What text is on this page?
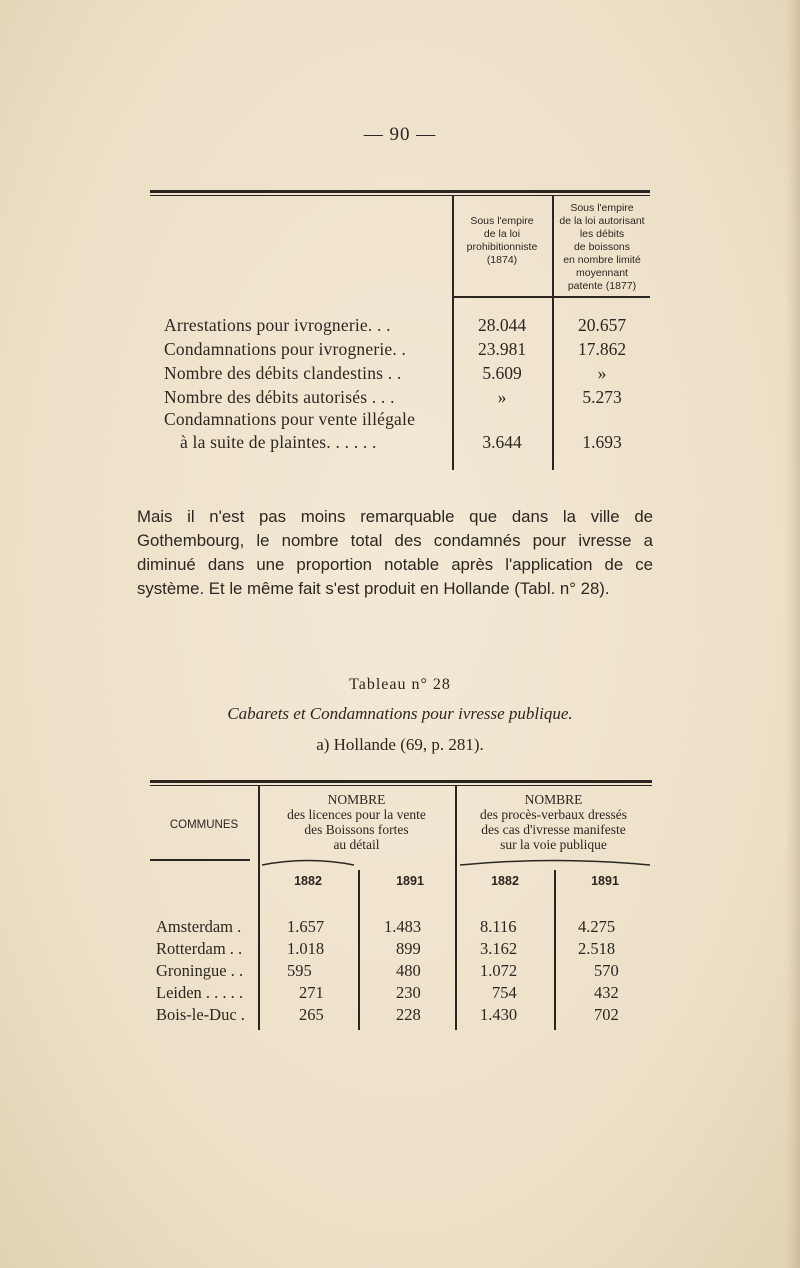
— 90 —
Sous l'empire
de la loi
prohibitionniste
(1874)
Sous l'empire
de la loi autorisant
les débits
de boissons
en nombre limité
moyennant
patente (1877)
Arrestations pour ivrognerie. . .	28.044	20.657
Condamnations pour ivrognerie. .	23.981	17.862
Nombre des débits clandestins . .	5.609	»
Nombre des débits autorisés . . .	»	5.273
Condamnations pour vente illégale
à la suite de plaintes. . . . . .	3.644	1.693
Mais il n'est pas moins remarquable que dans la ville de Gothembourg, le nombre total des condamnés pour ivresse a diminué dans une proportion notable après l'application de ce système. Et le même fait s'est produit en Hollande (Tabl. n° 28).
Tableau n° 28
Cabarets et Condamnations pour ivresse publique.
a) Hollande (69, p. 281).
COMMUNES
NOMBRE
des licences pour la vente
des Boissons fortes
au détail
NOMBRE
des procès-verbaux dressés
des cas d'ivresse manifeste
sur la voie publique
1882	1891	1882	1891
Amsterdam .	1.657	1.483	8.116	4.275
Rotterdam . .	1.018	899	3.162	2.518
Groningue . .	595	480	1.072	570
Leiden . . . . .	271	230	754	432
Bois-le-Duc .	265	228	1.430	702
